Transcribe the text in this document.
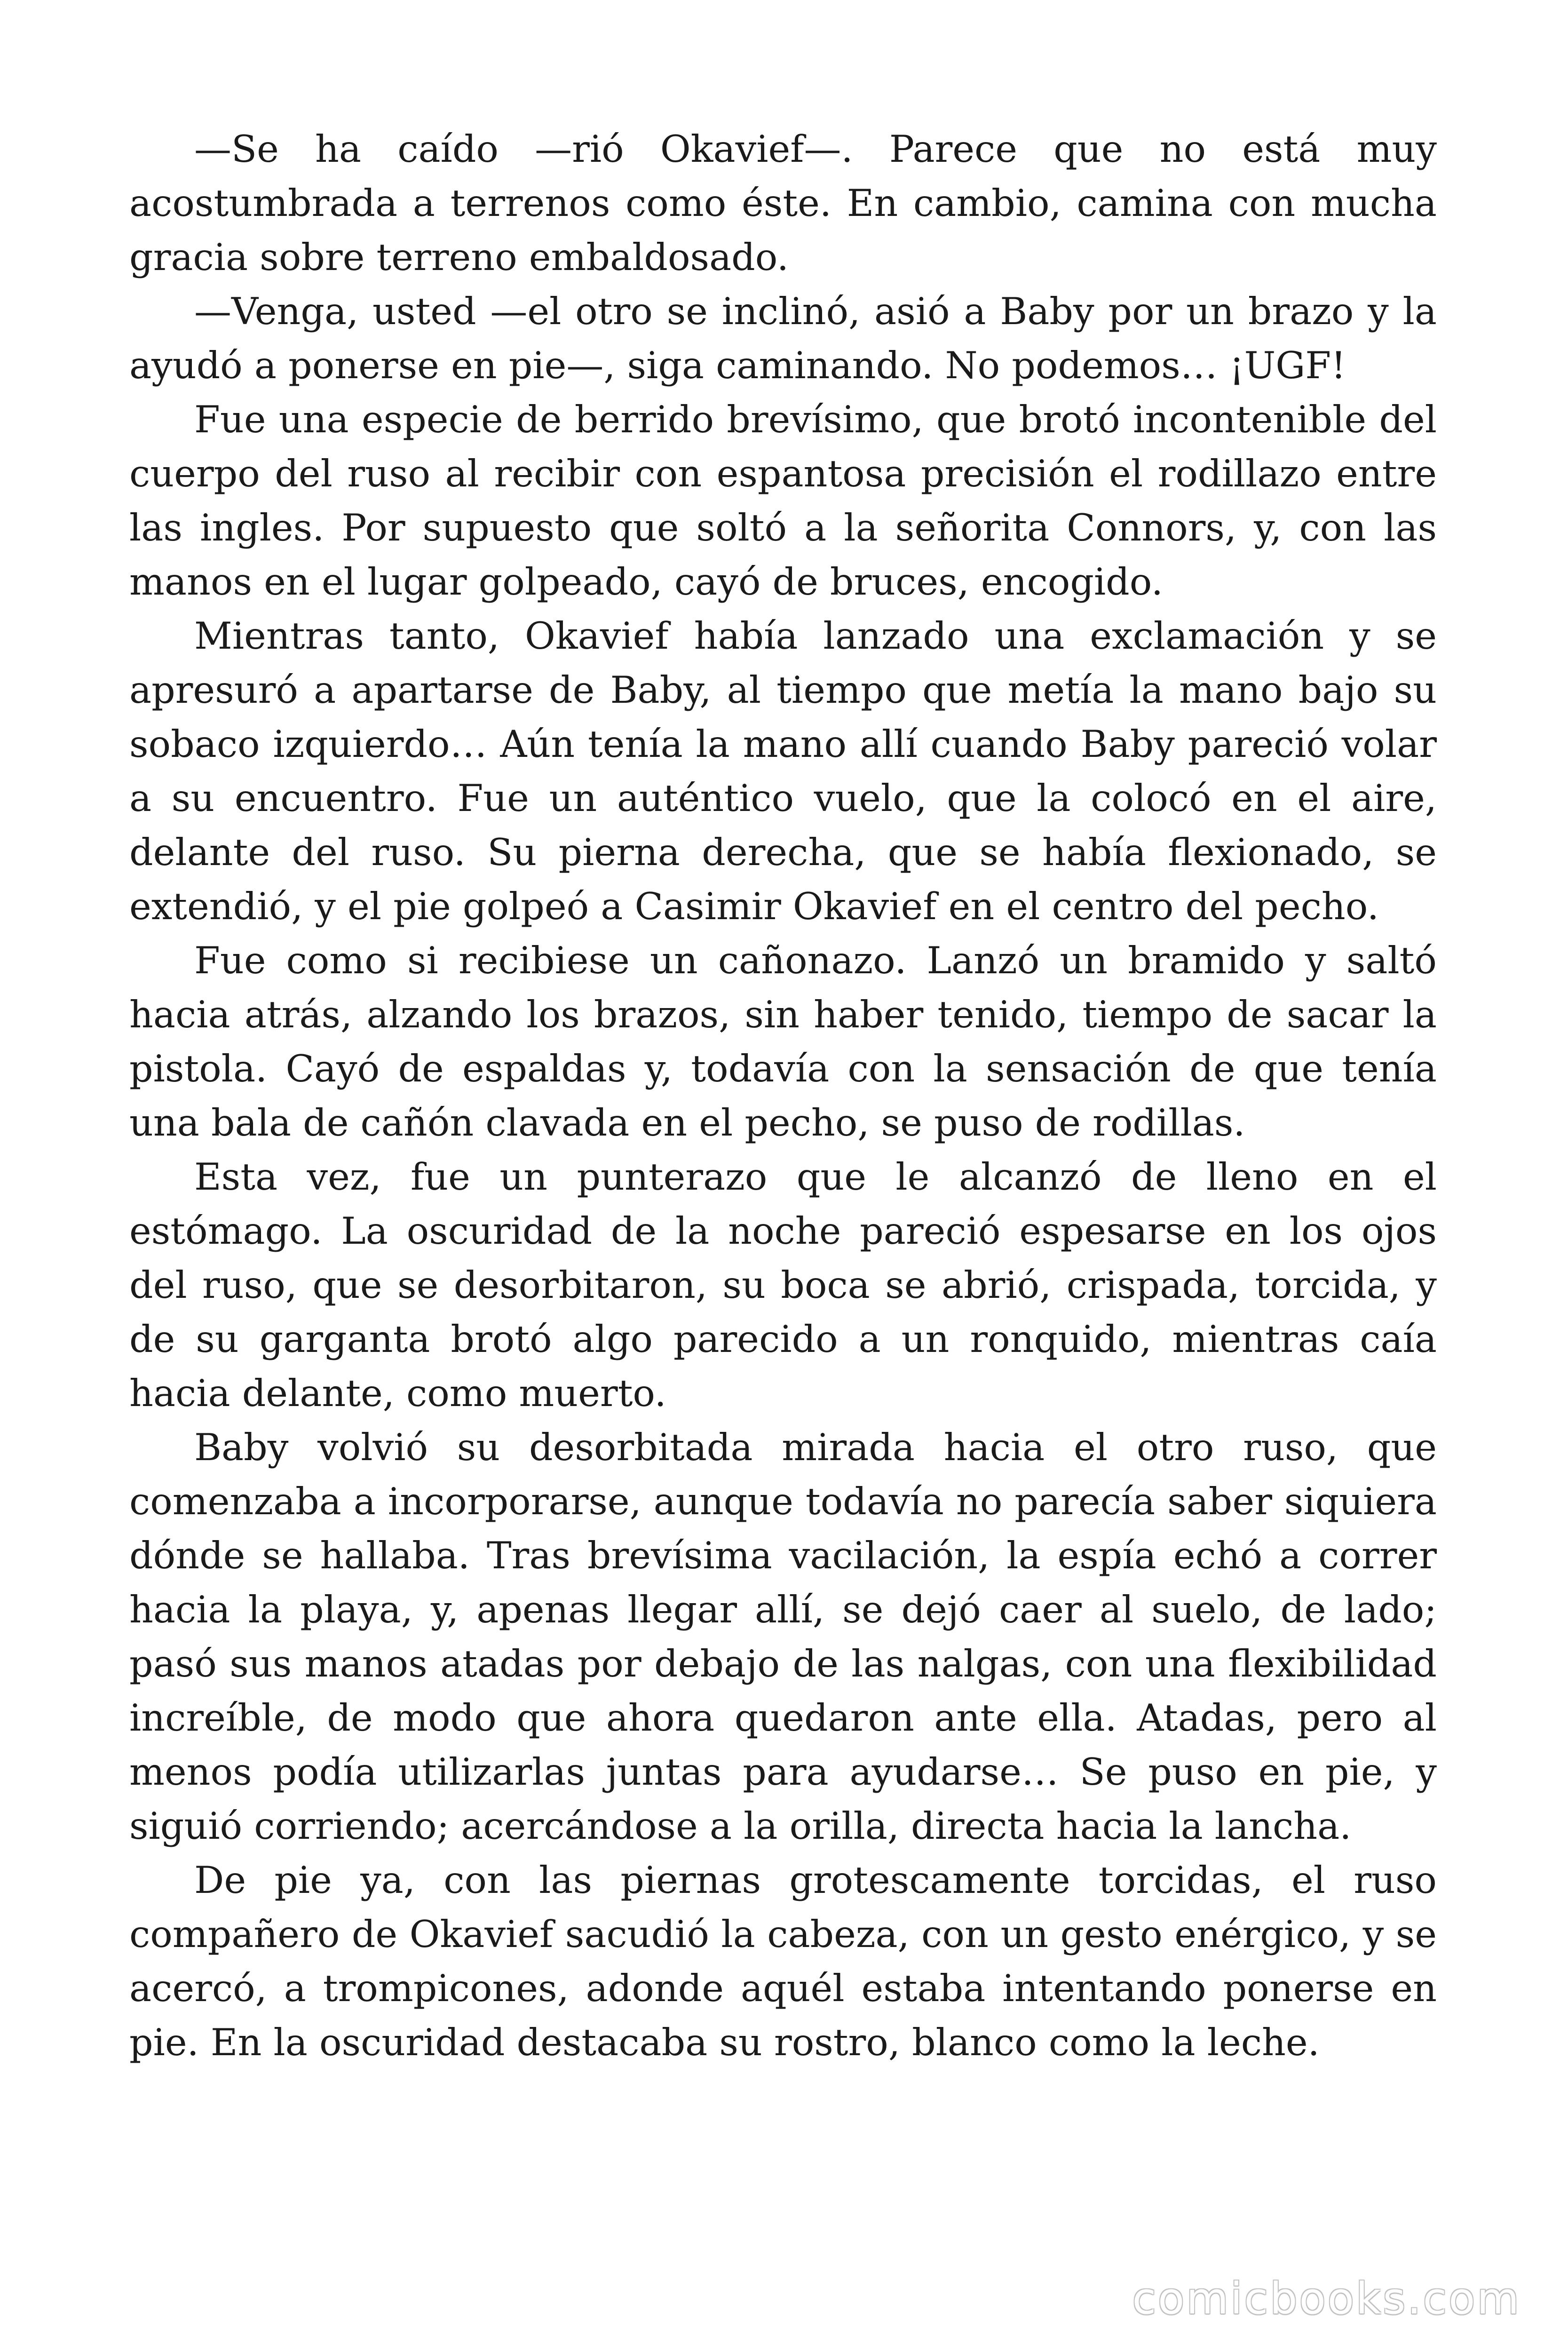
—Se ha caído —rió Okavief—. Parece que no está muy acostumbrada a terrenos como éste. En cambio, camina con mucha gracia sobre terreno embaldosado.

—Venga, usted —el otro se inclinó, asió a Baby por un brazo y la ayudó a ponerse en pie—, siga caminando. No podemos… ¡UGF!

Fue una especie de berrido brevísimo, que brotó incontenible del cuerpo del ruso al recibir con espantosa precisión el rodillazo entre las ingles. Por supuesto que soltó a la señorita Connors, y, con las manos en el lugar golpeado, cayó de bruces, encogido.

Mientras tanto, Okavief había lanzado una exclamación y se apresuró a apartarse de Baby, al tiempo que metía la mano bajo su sobaco izquierdo… Aún tenía la mano allí cuando Baby pareció volar a su encuentro. Fue un auténtico vuelo, que la colocó en el aire, delante del ruso. Su pierna derecha, que se había flexionado, se extendió, y el pie golpeó a Casimir Okavief en el centro del pecho.

Fue como si recibiese un cañonazo. Lanzó un bramido y saltó hacia atrás, alzando los brazos, sin haber tenido, tiempo de sacar la pistola. Cayó de espaldas y, todavía con la sensación de que tenía una bala de cañón clavada en el pecho, se puso de rodillas.

Esta vez, fue un punterazo que le alcanzó de lleno en el estómago. La oscuridad de la noche pareció espesarse en los ojos del ruso, que se desorbitaron, su boca se abrió, crispada, torcida, y de su garganta brotó algo parecido a un ronquido, mientras caía hacia delante, como muerto.

Baby volvió su desorbitada mirada hacia el otro ruso, que comenzaba a incorporarse, aunque todavía no parecía saber siquiera dónde se hallaba. Tras brevísima vacilación, la espía echó a correr hacia la playa, y, apenas llegar allí, se dejó caer al suelo, de lado; pasó sus manos atadas por debajo de las nalgas, con una flexibilidad increíble, de modo que ahora quedaron ante ella. Atadas, pero al menos podía utilizarlas juntas para ayudarse… Se puso en pie, y siguió corriendo; acercándose a la orilla, directa hacia la lancha.

De pie ya, con las piernas grotescamente torcidas, el ruso compañero de Okavief sacudió la cabeza, con un gesto enérgico, y se acercó, a trompicones, adonde aquél estaba intentando ponerse en pie. En la oscuridad destacaba su rostro, blanco como la leche.

comicbooks.com
